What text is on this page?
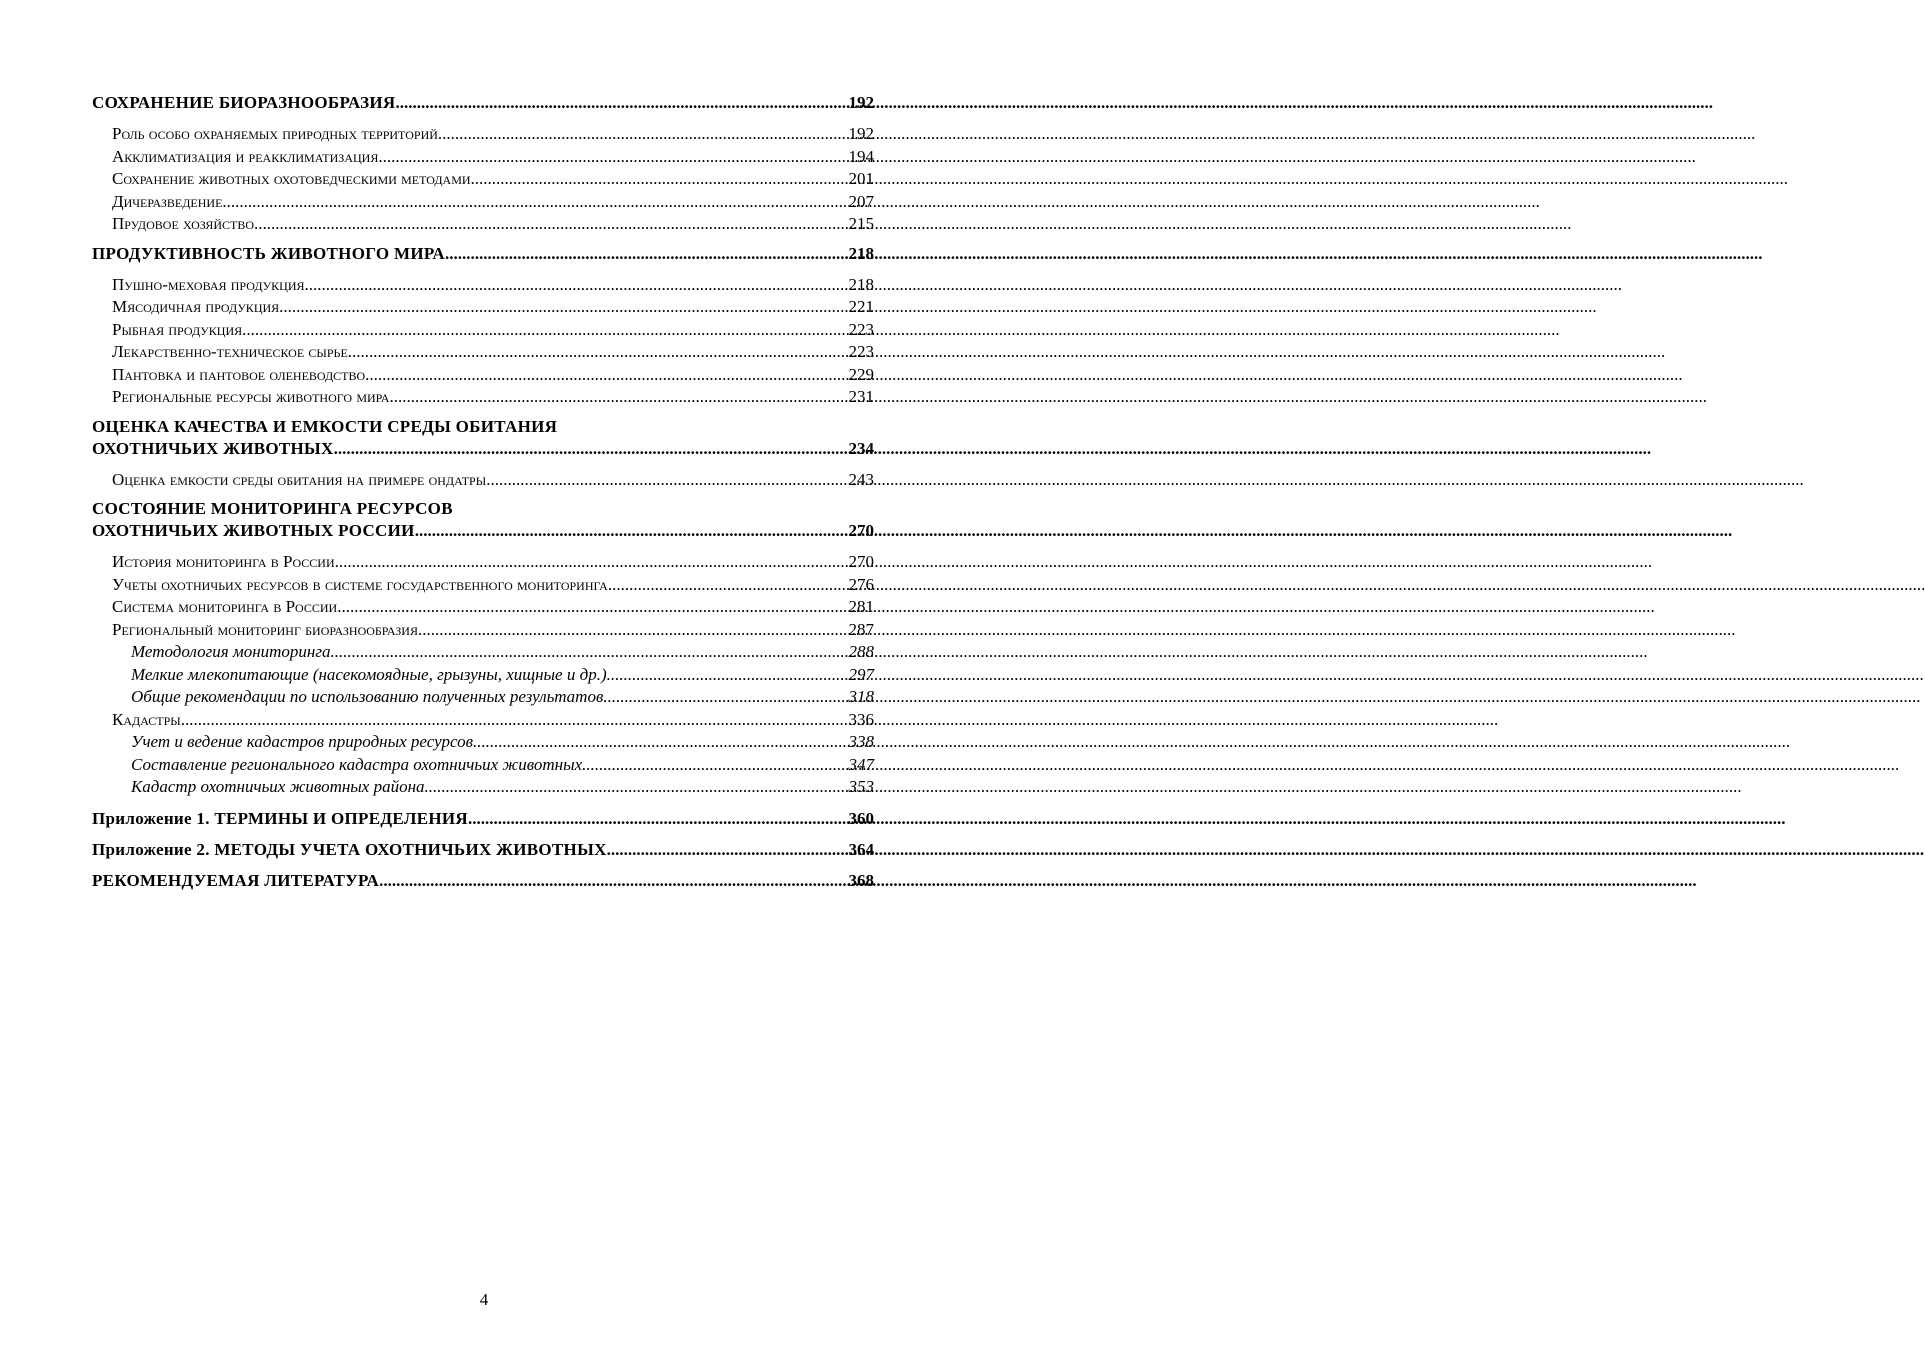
СОХРАНЕНИЕ БИОРАЗНООБРАЗИЯ .....	192
Роль особо охраняемых природных территорий .....	192
Акклиматизация и реакклиматизация .....	194
Сохранение животных охотоведческими методами .....	201
Дичеразведение .....	207
Прудовое хозяйство .....	215
ПРОДУКТИВНОСТЬ ЖИВОТНОГО МИРА .....	218
Пушно-меховая продукция .....	218
Мясодичная продукция .....	221
Рыбная продукция .....	223
Лекарственно-техническое сырье .....	223
Пантовка и пантовое оленеводство .....	229
Региональные ресурсы животного мира .....	231
ОЦЕНКА КАЧЕСТВА И ЕМКОСТИ СРЕДЫ ОБИТАНИЯ
ОХОТНИЧЬИХ ЖИВОТНЫХ .....	234
Оценка емкости среды обитания на примере ондатры .....	243
СОСТОЯНИЕ МОНИТОРИНГА РЕСУРСОВ
ОХОТНИЧЬИХ ЖИВОТНЫХ РОССИИ .....	270
История мониторинга в России .....	270
Учеты охотничьих ресурсов в системе государственного мониторинга .....	276
Система мониторинга в России .....	281
Региональный мониторинг биоразнообразия .....	287
Методология мониторинга .....	288
Мелкие млекопитающие (насекомоядные, грызуны, хищные и др.) .....	297
Общие рекомендации по использованию полученных результатов .....	318
Кадастры .....	336
Учет и ведение кадастров природных ресурсов .....	338
Составление регионального кадастра охотничьих животных .....	347
Кадастр охотничьих животных района .....	353
Приложение 1. ТЕРМИНЫ И ОПРЕДЕЛЕНИЯ .....	360
Приложение 2. МЕТОДЫ УЧЕТА ОХОТНИЧЬИХ ЖИВОТНЫХ .....	364
РЕКОМЕНДУЕМАЯ ЛИТЕРАТУРА .....	368
4
